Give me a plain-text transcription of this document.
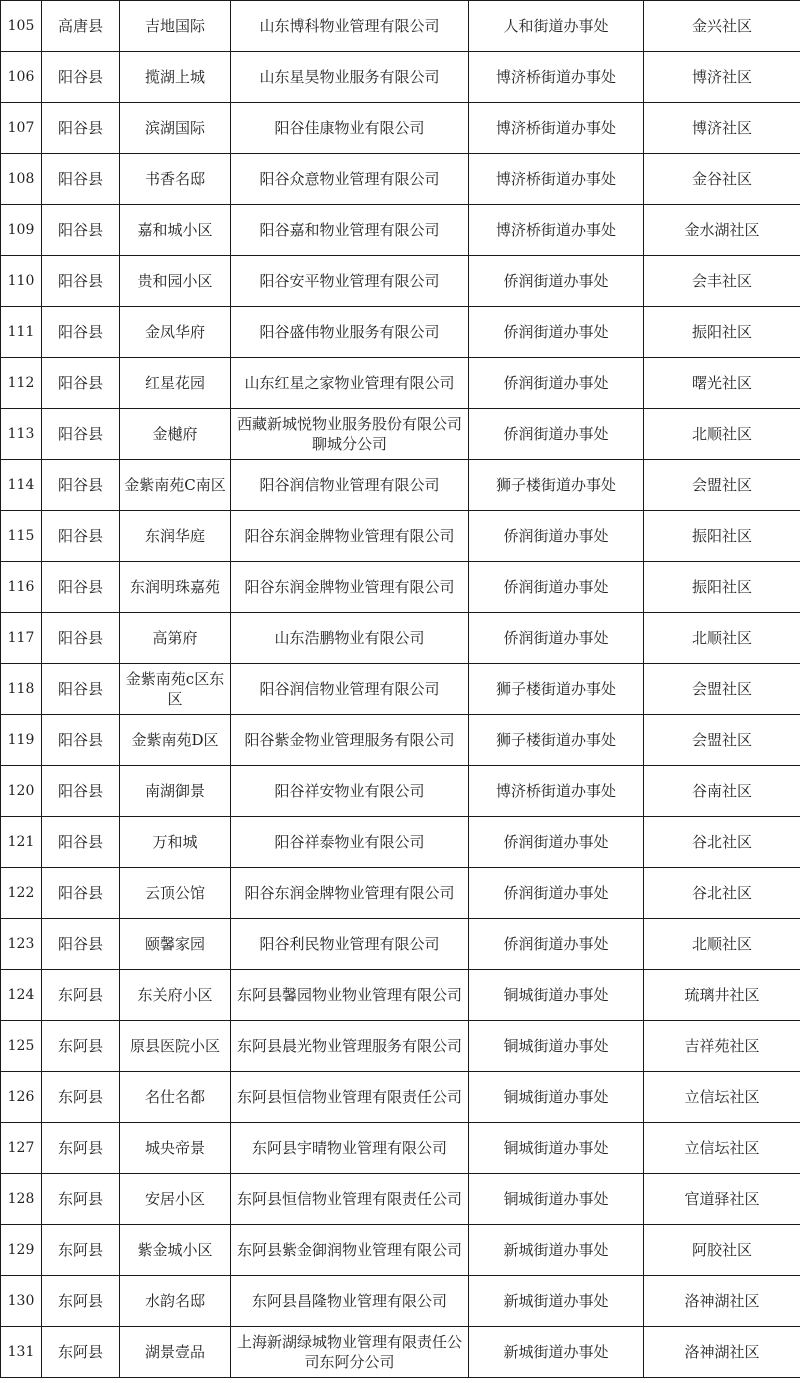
105	高唐县	吉地国际	山东博科物业管理有限公司	人和街道办事处	金兴社区
106	阳谷县	揽湖上城	山东星昊物业服务有限公司	博济桥街道办事处	博济社区
107	阳谷县	滨湖国际	阳谷佳康物业有限公司	博济桥街道办事处	博济社区
108	阳谷县	书香名邸	阳谷众意物业管理有限公司	博济桥街道办事处	金谷社区
109	阳谷县	嘉和城小区	阳谷嘉和物业管理有限公司	博济桥街道办事处	金水湖社区
110	阳谷县	贵和园小区	阳谷安平物业管理有限公司	侨润街道办事处	会丰社区
111	阳谷县	金凤华府	阳谷盛伟物业服务有限公司	侨润街道办事处	振阳社区
112	阳谷县	红星花园	山东红星之家物业管理有限公司	侨润街道办事处	曙光社区
113	阳谷县	金樾府	西藏新城悦物业服务股份有限公司聊城分公司	侨润街道办事处	北顺社区
114	阳谷县	金紫南苑C南区	阳谷润信物业管理有限公司	狮子楼街道办事处	会盟社区
115	阳谷县	东润华庭	阳谷东润金牌物业管理有限公司	侨润街道办事处	振阳社区
116	阳谷县	东润明珠嘉苑	阳谷东润金牌物业管理有限公司	侨润街道办事处	振阳社区
117	阳谷县	高第府	山东浩鹏物业有限公司	侨润街道办事处	北顺社区
118	阳谷县	金紫南苑c区东区	阳谷润信物业管理有限公司	狮子楼街道办事处	会盟社区
119	阳谷县	金紫南苑D区	阳谷紫金物业管理服务有限公司	狮子楼街道办事处	会盟社区
120	阳谷县	南湖御景	阳谷祥安物业有限公司	博济桥街道办事处	谷南社区
121	阳谷县	万和城	阳谷祥泰物业有限公司	侨润街道办事处	谷北社区
122	阳谷县	云顶公馆	阳谷东润金牌物业管理有限公司	侨润街道办事处	谷北社区
123	阳谷县	颐馨家园	阳谷利民物业管理有限公司	侨润街道办事处	北顺社区
124	东阿县	东关府小区	东阿县馨园物业物业管理有限公司	铜城街道办事处	琉璃井社区
125	东阿县	原县医院小区	东阿县晨光物业管理服务有限公司	铜城街道办事处	吉祥苑社区
126	东阿县	名仕名都	东阿县恒信物业管理有限责任公司	铜城街道办事处	立信坛社区
127	东阿县	城央帝景	东阿县宇晴物业管理有限公司	铜城街道办事处	立信坛社区
128	东阿县	安居小区	东阿县恒信物业管理有限责任公司	铜城街道办事处	官道驿社区
129	东阿县	紫金城小区	东阿县紫金御润物业管理有限公司	新城街道办事处	阿胶社区
130	东阿县	水韵名邸	东阿县昌隆物业管理有限公司	新城街道办事处	洛神湖社区
131	东阿县	湖景壹品	上海新湖绿城物业管理有限责任公司东阿分公司	新城街道办事处	洛神湖社区
